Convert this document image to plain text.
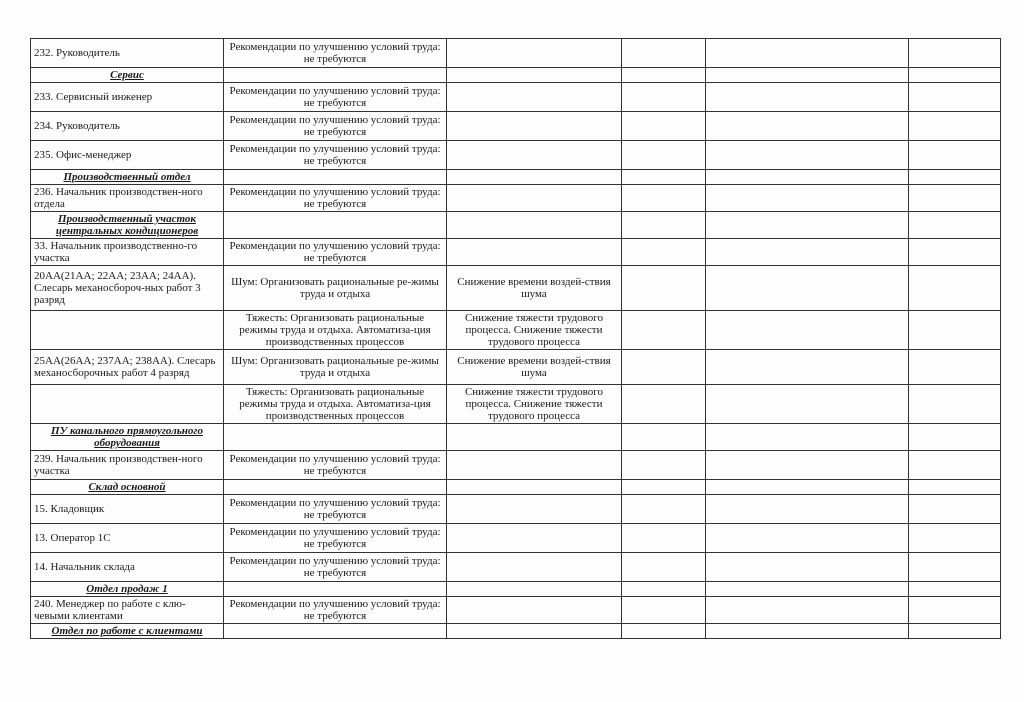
232. Руководитель	Рекомендации по улучшению условий труда: не требуются				
Сервис					
233. Сервисный инженер	Рекомендации по улучшению условий труда: не требуются				
234. Руководитель	Рекомендации по улучшению условий труда: не требуются				
235. Офис-менеджер	Рекомендации по улучшению условий труда: не требуются				
Производственный отдел					
236. Начальник производствен-ного отдела	Рекомендации по улучшению условий труда: не требуются				
Производственный участок центральных кондиционеров					
33. Начальник производственно-го участка	Рекомендации по улучшению условий труда: не требуются				
20АА(21АА; 22АА; 23АА; 24АА). Слесарь механосбороч-ных работ 3 разряд	Шум: Организовать рациональные ре-жимы труда и отдыха	Снижение времени воздей-ствия шума			
	Тяжесть: Организовать рациональные режимы труда и отдыха. Автоматиза-ция производственных процессов	Снижение тяжести трудового процесса. Снижение тяжести трудового процесса			
25АА(26АА; 237АА; 238АА). Слесарь механосборочных работ 4 разряд	Шум: Организовать рациональные ре-жимы труда и отдыха	Снижение времени воздей-ствия шума			
	Тяжесть: Организовать рациональные режимы труда и отдыха. Автоматиза-ция производственных процессов	Снижение тяжести трудового процесса. Снижение тяжести трудового процесса			
ПУ канального прямоугольного оборудования					
239. Начальник производствен-ного участка	Рекомендации по улучшению условий труда: не требуются				
Склад основной					
15. Кладовщик	Рекомендации по улучшению условий труда: не требуются				
13. Оператор 1С	Рекомендации по улучшению условий труда: не требуются				
14. Начальник склада	Рекомендации по улучшению условий труда: не требуются				
Отдел продаж 1					
240. Менеджер по работе с клю-чевыми клиентами	Рекомендации по улучшению условий труда: не требуются				
Отдел по работе с клиентами					
